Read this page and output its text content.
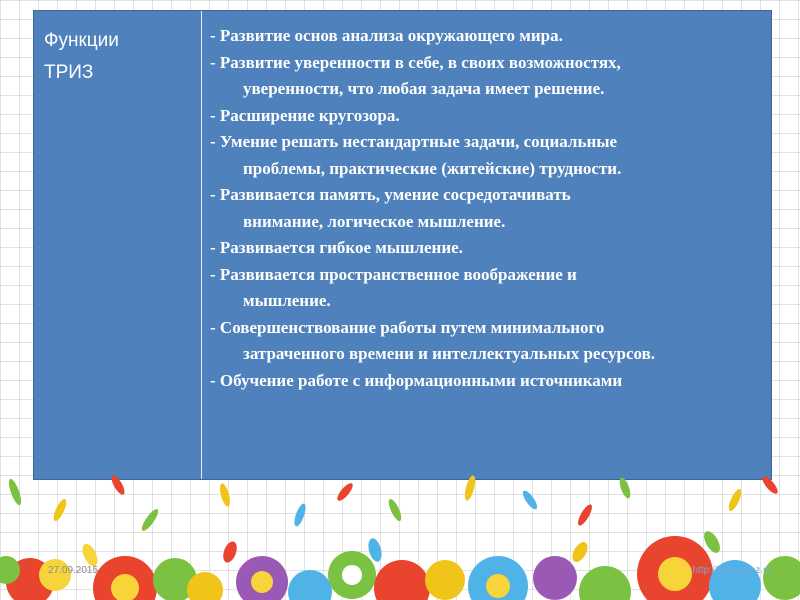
Функции
ТРИЗ
- Развитие основ анализа окружающего мира.
- Развитие уверенности в себе, в своих возможностях,
уверенности, что любая задача имеет решение.
- Расширение кругозора.
- Умение решать нестандартные задачи, социальные
проблемы, практические (житейские) трудности.
- Развивается память, умение сосредотачивать
внимание, логическое мышление.
- Развивается гибкое мышление.
- Развивается пространственное воображение и
мышление.
- Совершенствование работы путем минимального
затраченного времени и интеллектуальных ресурсов.
- Обучение работе с информационными источниками
27.09.2015	http://aida.ucoz.ru
